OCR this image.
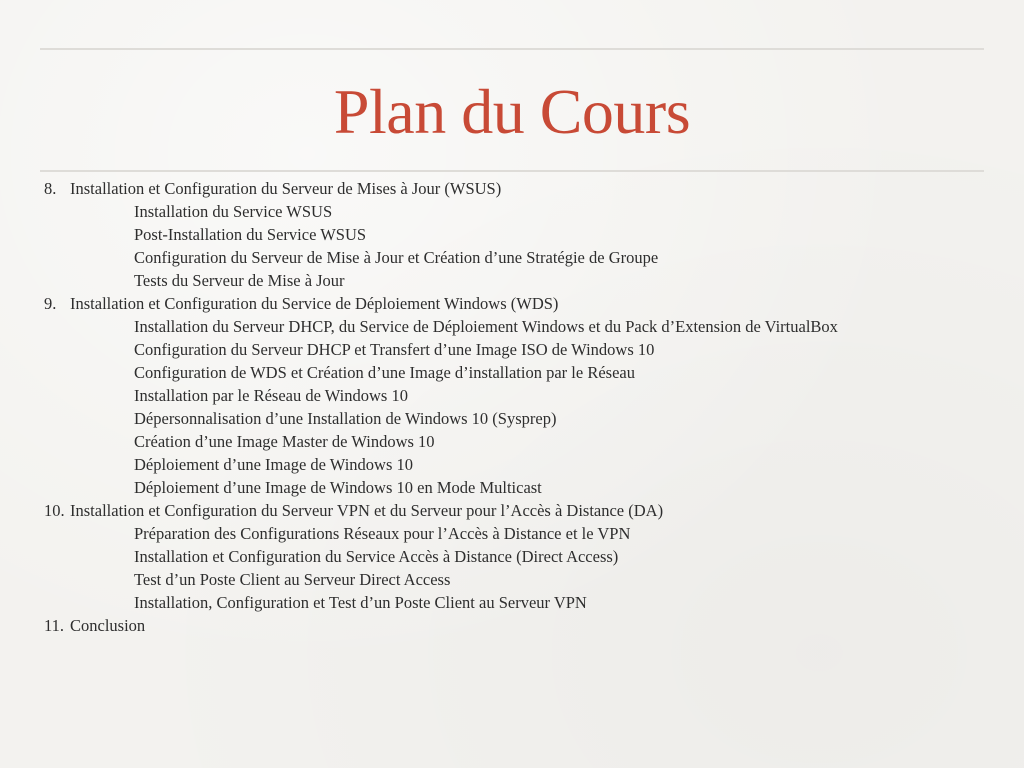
Plan du Cours
8. Installation et Configuration du Serveur de Mises à Jour (WSUS)
Installation du Service WSUS
Post-Installation du Service WSUS
Configuration du Serveur de Mise à Jour et Création d’une Stratégie de Groupe
Tests du Serveur de Mise à Jour
9. Installation et Configuration du Service de Déploiement Windows (WDS)
Installation du Serveur DHCP, du Service de Déploiement Windows et du Pack d’Extension de VirtualBox
Configuration du Serveur DHCP et Transfert d’une Image ISO de Windows 10
Configuration de WDS et Création d’une Image d’installation par le Réseau
Installation par le Réseau de Windows 10
Dépersonnalisation d’une Installation de Windows 10 (Sysprep)
Création d’une Image Master de Windows 10
Déploiement d’une Image de Windows 10
Déploiement d’une Image de Windows 10 en Mode Multicast
10. Installation et Configuration du Serveur VPN et du Serveur pour l’Accès à Distance (DA)
Préparation des Configurations Réseaux pour l’Accès à Distance et le VPN
Installation et Configuration du Service Accès à Distance (Direct Access)
Test d’un Poste Client au Serveur Direct Access
Installation, Configuration et Test d’un Poste Client au Serveur VPN
11. Conclusion
